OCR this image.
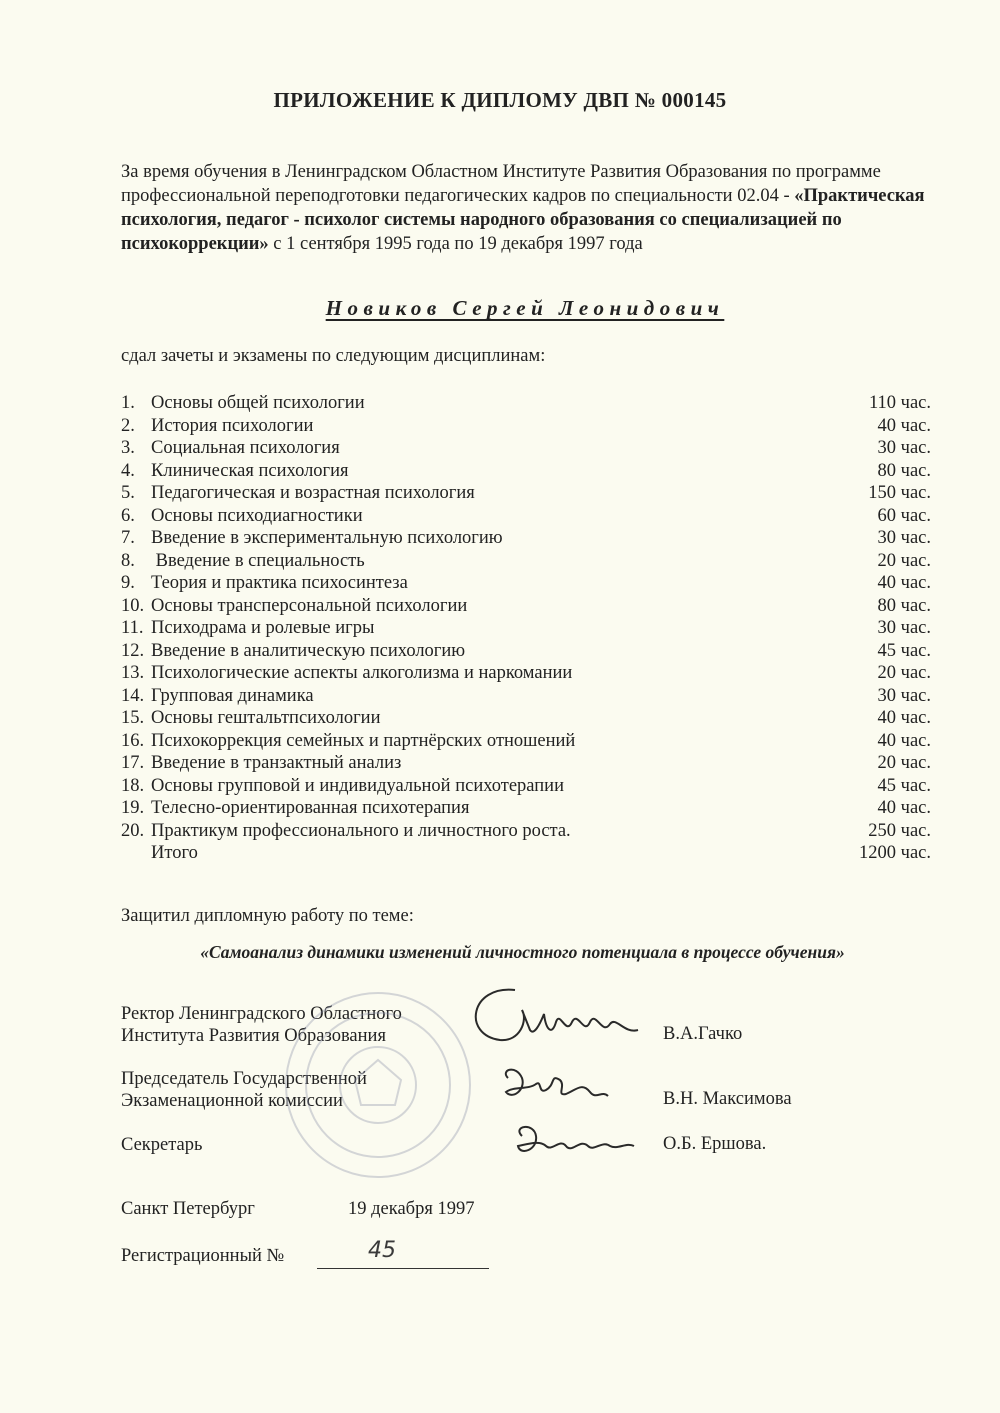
ПРИЛОЖЕНИЕ К ДИПЛОМУ ДВП № 000145
За время обучения в Ленинградском Областном Институте Развития Образования по программе профессиональной переподготовки педагогических кадров по специальности 02.04 - «Практическая психология, педагог - психолог системы народного образования со специализацией по психокоррекции» с 1 сентября 1995 года по 19 декабря 1997 года
Новиков Сергей Леонидович
сдал зачеты и экзамены по следующим дисциплинам:
1. Основы общей психологии	110 час.
2. История психологии	40 час.
3. Социальная психология	30 час.
4. Клиническая психология	80 час.
5. Педагогическая и возрастная психология	150 час.
6. Основы психодиагностики	60 час.
7. Введение в экспериментальную психологию	30 час.
8. Введение в специальность	20 час.
9. Теория и практика психосинтеза	40 час.
10. Основы трансперсональной психологии	80 час.
11. Психодрама и ролевые игры	30 час.
12. Введение в аналитическую психологию	45 час.
13. Психологические аспекты алкоголизма и наркомании	20 час.
14. Групповая динамика	30 час.
15. Основы гештальтпсихологии	40 час.
16. Психокоррекция семейных и партнёрских отношений	40 час.
17. Введение в транзактный анализ	20 час.
18. Основы групповой и индивидуальной психотерапии	45 час.
19. Телесно-ориентированная психотерапия	40 час.
20. Практикум профессионального и личностного роста.	250 час.
Итого	1200 час.
Защитил дипломную работу по теме:
«Самоанализ динамики изменений личностного потенциала в процессе обучения»
Ректор Ленинградского Областного
Института Развития Образования	В.А.Гачко
Председатель Государственной
Экзаменационной комиссии	В.Н. Максимова
Секретарь	О.Б. Ершова.
Санкт Петербург	19 декабря 1997
Регистрационный №	45
